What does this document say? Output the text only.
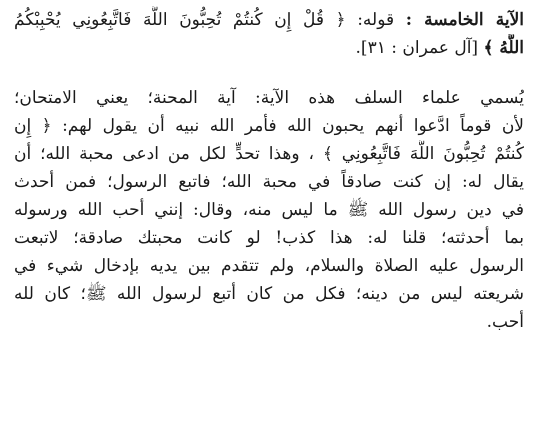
الآية الخامسة : قوله: ﴿ قُلْ إِن كُنتُمْ تُحِبُّونَ اللَّهَ فَاتَّبِعُونِي يُحْبِبْكُمُ
اللَّهُ ﴾ [آل عمران : ٣١].
يُسمي علماء السلف هذه الآية: آية المحنة؛ يعني الامتحان؛
لأن قوماً ادَّعوا أنهم يحبون الله فأمر الله نبيه أن يقول لهم: ﴿ إِن
كُنتُمْ تُحِبُّونَ اللَّهَ فَاتَّبِعُونِي ﴾ ، وهذا تحدٍّ لكل من ادعى محبة الله؛ أن
يقال له: إن كنت صادقاً في محبة الله؛ فاتبع الرسول؛ فمن أحدث
في دين رسول الله ﷺ ما ليس منه، وقال: إنني أحب الله ورسوله
بما أحدثته؛ قلنا له: هذا كذب! لو كانت محبتك صادقة؛ لاتبعت
الرسول عليه الصلاة والسلام، ولم تتقدم بين يديه بإدخال شيء في
شريعته ليس من دينه؛ فكل من كان أتبع لرسول الله ﷺ؛ كان لله
أحب.
